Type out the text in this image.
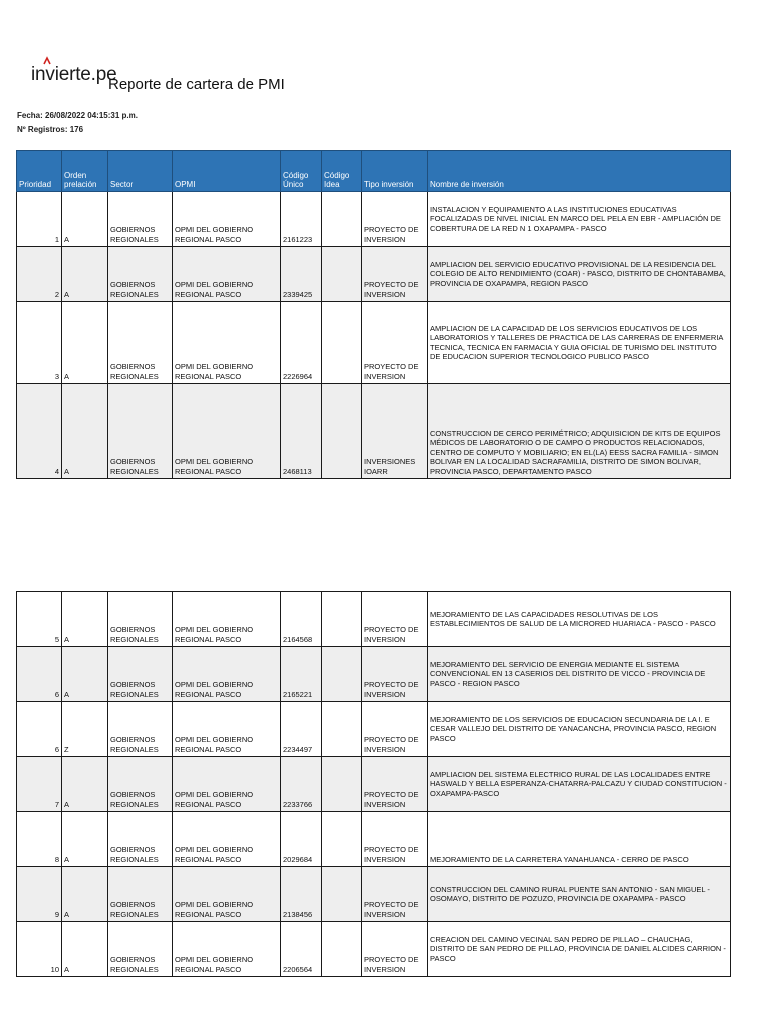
invierte.pe
Reporte de cartera de PMI
Fecha: 26/08/2022 04:15:31 p.m.
Nº Registros: 176
Prioridad	Orden prelación	Sector	OPMI	Código Único	Código Idea	Tipo inversión	Nombre de inversión
1	A	GOBIERNOS REGIONALES	OPMI DEL GOBIERNO REGIONAL PASCO	2161223		PROYECTO DE INVERSION	INSTALACION Y EQUIPAMIENTO A LAS INSTITUCIONES EDUCATIVAS FOCALIZADAS DE NIVEL INICIAL EN MARCO DEL PELA EN EBR - AMPLIACIÓN DE COBERTURA DE LA RED N 1 OXAPAMPA - PASCO
2	A	GOBIERNOS REGIONALES	OPMI DEL GOBIERNO REGIONAL PASCO	2339425		PROYECTO DE INVERSION	AMPLIACION DEL SERVICIO EDUCATIVO PROVISIONAL DE LA RESIDENCIA DEL COLEGIO DE ALTO RENDIMIENTO (COAR) - PASCO, DISTRITO DE CHONTABAMBA, PROVINCIA DE OXAPAMPA, REGION PASCO
3	A	GOBIERNOS REGIONALES	OPMI DEL GOBIERNO REGIONAL PASCO	2226964		PROYECTO DE INVERSION	AMPLIACION DE LA CAPACIDAD DE LOS SERVICIOS EDUCATIVOS DE LOS LABORATORIOS Y TALLERES DE PRACTICA DE LAS CARRERAS DE ENFERMERIA TECNICA, TECNICA EN FARMACIA Y GUIA OFICIAL DE TURISMO DEL INSTITUTO DE EDUCACION SUPERIOR TECNOLOGICO PUBLICO PASCO
4	A	GOBIERNOS REGIONALES	OPMI DEL GOBIERNO REGIONAL PASCO	2468113		INVERSIONES IOARR	CONSTRUCCION DE CERCO PERIMÉTRICO; ADQUISICION DE KITS DE EQUIPOS MÉDICOS DE LABORATORIO O DE CAMPO O PRODUCTOS RELACIONADOS, CENTRO DE COMPUTO Y MOBILIARIO; EN EL(LA) EESS SACRA FAMILIA - SIMON BOLIVAR EN LA LOCALIDAD SACRAFAMILIA, DISTRITO DE SIMON BOLIVAR, PROVINCIA PASCO, DEPARTAMENTO PASCO
5	A	GOBIERNOS REGIONALES	OPMI DEL GOBIERNO REGIONAL PASCO	2164568		PROYECTO DE INVERSION	MEJORAMIENTO DE LAS CAPACIDADES RESOLUTIVAS DE LOS ESTABLECIMIENTOS DE SALUD DE LA MICRORED HUARIACA - PASCO - PASCO
6	A	GOBIERNOS REGIONALES	OPMI DEL GOBIERNO REGIONAL PASCO	2165221		PROYECTO DE INVERSION	MEJORAMIENTO DEL SERVICIO DE ENERGIA MEDIANTE EL SISTEMA CONVENCIONAL EN 13 CASERIOS DEL DISTRITO DE VICCO - PROVINCIA DE PASCO - REGION PASCO
6	Z	GOBIERNOS REGIONALES	OPMI DEL GOBIERNO REGIONAL PASCO	2234497		PROYECTO DE INVERSION	MEJORAMIENTO DE LOS SERVICIOS DE EDUCACION SECUNDARIA DE LA I. E CESAR VALLEJO DEL DISTRITO DE YANACANCHA, PROVINCIA PASCO, REGION PASCO
7	A	GOBIERNOS REGIONALES	OPMI DEL GOBIERNO REGIONAL PASCO	2233766		PROYECTO DE INVERSION	AMPLIACION DEL SISTEMA ELECTRICO RURAL DE LAS LOCALIDADES ENTRE HASWALD Y BELLA ESPERANZA-CHATARRA-PALCAZU Y CIUDAD CONSTITUCION -OXAPAMPA-PASCO
8	A	GOBIERNOS REGIONALES	OPMI DEL GOBIERNO REGIONAL PASCO	2029684		PROYECTO DE INVERSION	MEJORAMIENTO DE LA CARRETERA YANAHUANCA - CERRO DE PASCO
9	A	GOBIERNOS REGIONALES	OPMI DEL GOBIERNO REGIONAL PASCO	2138456		PROYECTO DE INVERSION	CONSTRUCCION DEL CAMINO RURAL PUENTE SAN ANTONIO - SAN MIGUEL - OSOMAYO, DISTRITO DE POZUZO, PROVINCIA DE OXAPAMPA - PASCO
10	A	GOBIERNOS REGIONALES	OPMI DEL GOBIERNO REGIONAL PASCO	2206564		PROYECTO DE INVERSION	CREACION DEL CAMINO VECINAL SAN PEDRO DE PILLAO – CHAUCHAG, DISTRITO DE SAN PEDRO DE PILLAO, PROVINCIA DE DANIEL ALCIDES CARRION - PASCO
